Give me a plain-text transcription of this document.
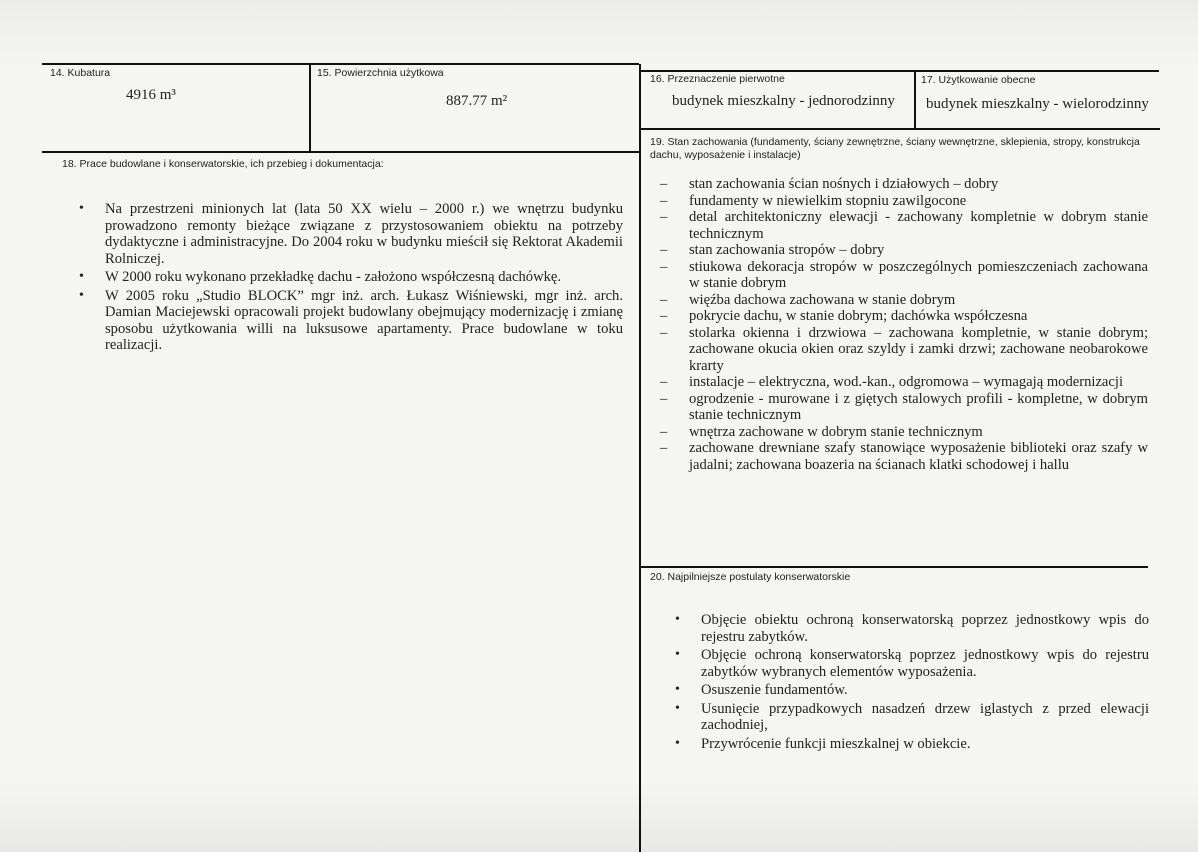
14. Kubatura
4916 m³
15. Powierzchnia użytkowa
887.77 m²
16. Przeznaczenie pierwotne
budynek mieszkalny - jednorodzinny
17. Użytkowanie obecne
budynek mieszkalny - wielorodzinny
18. Prace budowlane i konserwatorskie, ich przebieg i dokumentacja:
• Na przestrzeni minionych lat (lata 50 XX wielu – 2000 r.) we wnętrzu budynku prowadzono remonty bieżące związane z przystosowaniem obiektu na potrzeby dydaktyczne i administracyjne. Do 2004 roku w budynku mieścił się Rektorat Akademii Rolniczej.
• W 2000 roku wykonano przekładkę dachu - założono współczesną dachówkę.
• W 2005 roku „Studio BLOCK” mgr inż. arch. Łukasz Wiśniewski, mgr inż. arch. Damian Maciejewski opracowali projekt budowlany obejmujący modernizację i zmianę sposobu użytkowania willi na luksusowe apartamenty. Prace budowlane w toku realizacji.
19. Stan zachowania (fundamenty, ściany zewnętrzne, ściany wewnętrzne, sklepienia, stropy, konstrukcja dachu, wyposażenie i instalacje)
– stan zachowania ścian nośnych i działowych – dobry
– fundamenty w niewielkim stopniu zawilgocone
– detal architektoniczny elewacji - zachowany kompletnie w dobrym stanie technicznym
– stan zachowania stropów – dobry
– stiukowa dekoracja stropów w poszczególnych pomieszczeniach zachowana w stanie dobrym
– więźba dachowa zachowana w stanie dobrym
– pokrycie dachu, w stanie dobrym; dachówka współczesna
– stolarka okienna i drzwiowa – zachowana kompletnie, w stanie dobrym; zachowane okucia okien oraz szyldy i zamki drzwi; zachowane neobarokowe krarty
– instalacje – elektryczna, wod.-kan., odgromowa – wymagają modernizacji
– ogrodzenie - murowane i z giętych stalowych profili - kompletne, w dobrym stanie technicznym
– wnętrza zachowane w dobrym stanie technicznym
– zachowane drewniane szafy stanowiące wyposażenie biblioteki oraz szafy w jadalni; zachowana boazeria na ścianach klatki schodowej i hallu
20. Najpilniejsze postulaty konserwatorskie
• Objęcie obiektu ochroną konserwatorską poprzez jednostkowy wpis do rejestru zabytków.
• Objęcie ochroną konserwatorską poprzez jednostkowy wpis do rejestru zabytków wybranych elementów wyposażenia.
• Osuszenie fundamentów.
• Usunięcie przypadkowych nasadzeń drzew iglastych z przed elewacji zachodniej,
• Przywrócenie funkcji mieszkalnej w obiekcie.
